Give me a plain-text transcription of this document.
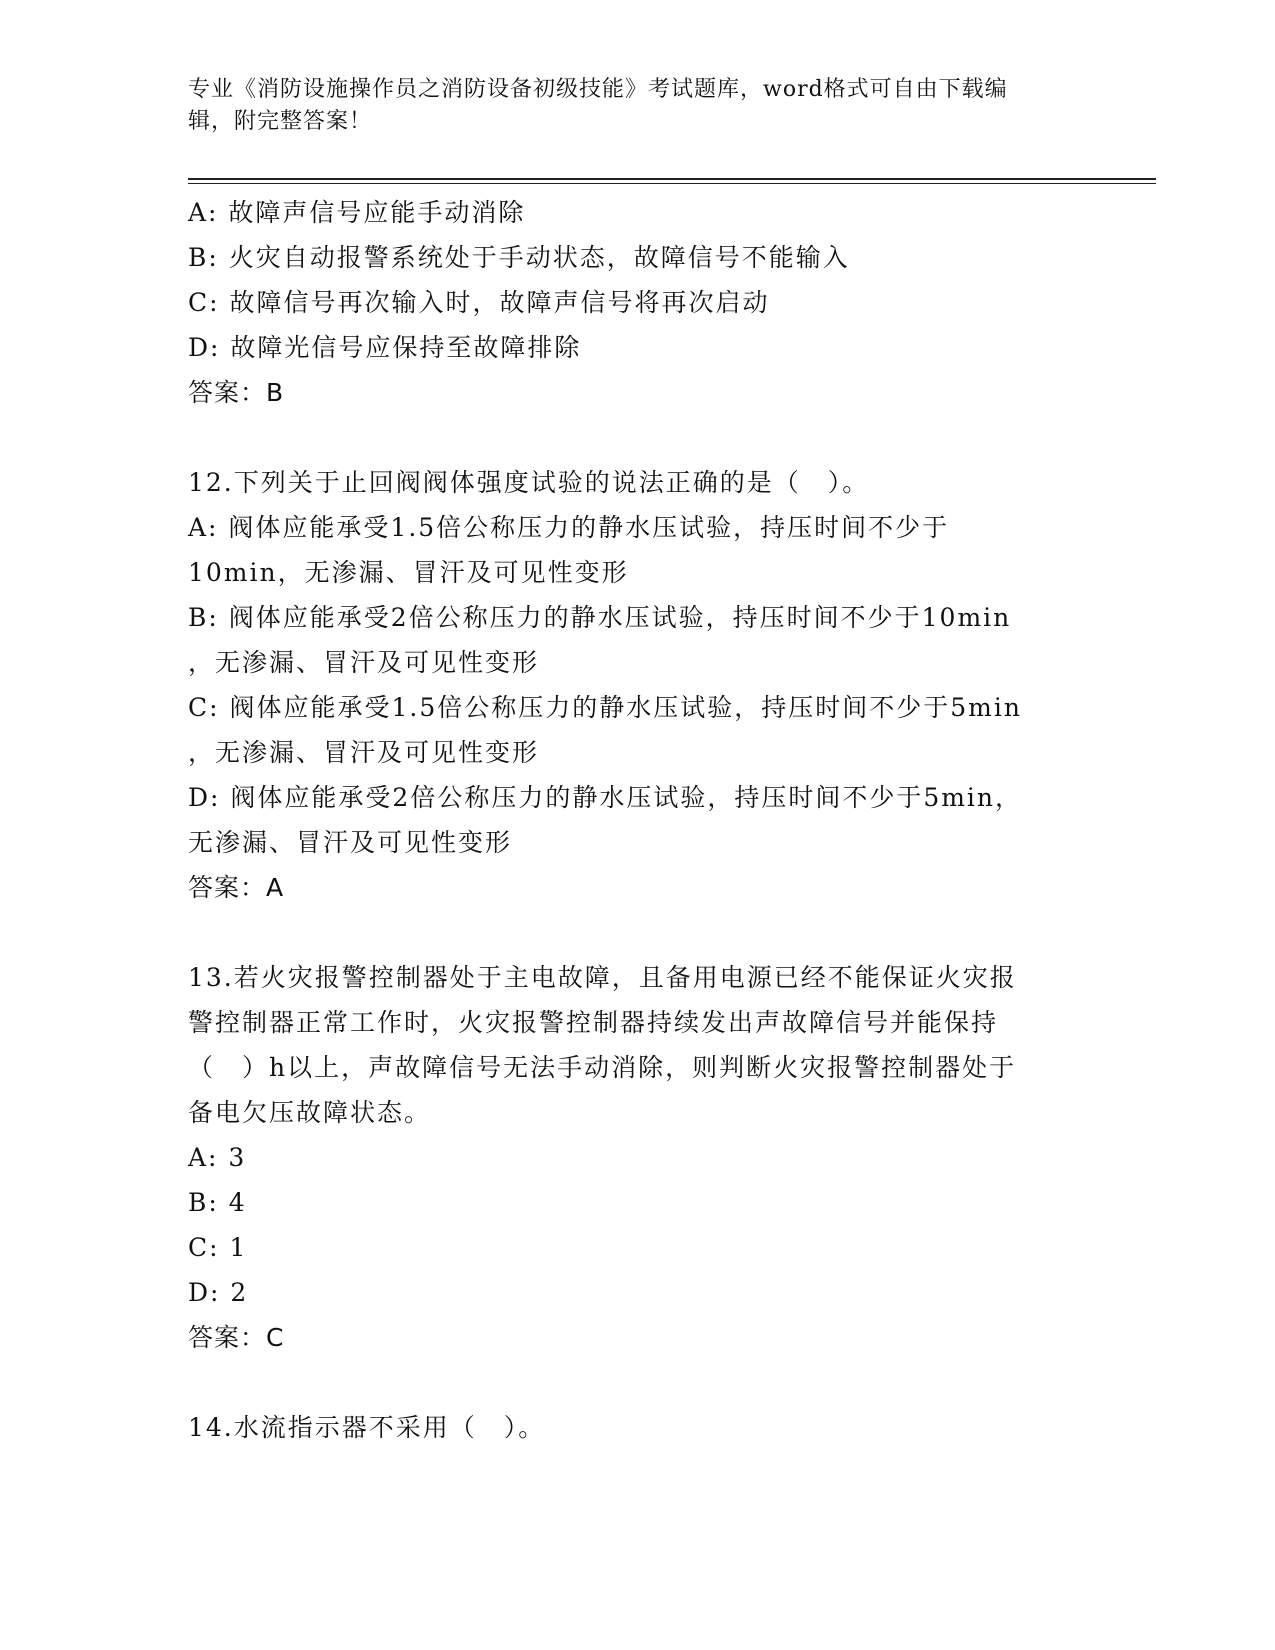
专业《消防设施操作员之消防设备初级技能》考试题库，word格式可自由下载编
辑，附完整答案！
A: 故障声信号应能手动消除
B: 火灾自动报警系统处于手动状态，故障信号不能输入
C: 故障信号再次输入时，故障声信号将再次启动
D: 故障光信号应保持至故障排除
答案：B
12.下列关于止回阀阀体强度试验的说法正确的是（　）。
A: 阀体应能承受1.5倍公称压力的静水压试验，持压时间不少于
10min，无渗漏、冒汗及可见性变形
B: 阀体应能承受2倍公称压力的静水压试验，持压时间不少于10min
，无渗漏、冒汗及可见性变形
C: 阀体应能承受1.5倍公称压力的静水压试验，持压时间不少于5min
，无渗漏、冒汗及可见性变形
D: 阀体应能承受2倍公称压力的静水压试验，持压时间不少于5min，
无渗漏、冒汗及可见性变形
答案：A
13.若火灾报警控制器处于主电故障，且备用电源已经不能保证火灾报
警控制器正常工作时，火灾报警控制器持续发出声故障信号并能保持
（　）h以上，声故障信号无法手动消除，则判断火灾报警控制器处于
备电欠压故障状态。
A: 3
B: 4
C: 1
D: 2
答案：C
14.水流指示器不采用（　）。
